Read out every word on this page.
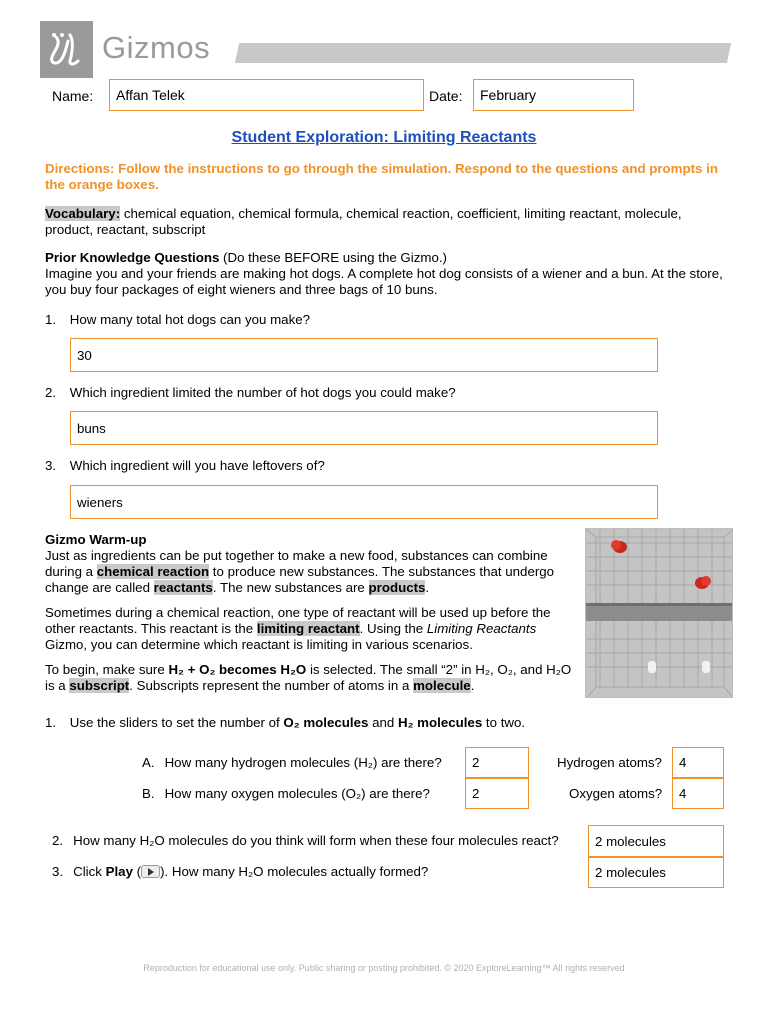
Gizmos
Name:	Affan Telek	Date:	February
Student Exploration: Limiting Reactants
Directions: Follow the instructions to go through the simulation. Respond to the questions and prompts in the orange boxes.
Vocabulary: chemical equation, chemical formula, chemical reaction, coefficient, limiting reactant, molecule, product, reactant, subscript
Prior Knowledge Questions (Do these BEFORE using the Gizmo.)
Imagine you and your friends are making hot dogs. A complete hot dog consists of a wiener and a bun. At the store, you buy four packages of eight wieners and three bags of 10 buns.
1. How many total hot dogs can you make?
30
2. Which ingredient limited the number of hot dogs you could make?
buns
3. Which ingredient will you have leftovers of?
wieners
Gizmo Warm-up
Just as ingredients can be put together to make a new food, substances can combine during a chemical reaction to produce new substances. The substances that undergo change are called reactants. The new substances are products.
Sometimes during a chemical reaction, one type of reactant will be used up before the other reactants. This reactant is the limiting reactant. Using the Limiting Reactants Gizmo, you can determine which reactant is limiting in various scenarios.
To begin, make sure H₂ + O₂ becomes H₂O is selected. The small “2” in H₂, O₂, and H₂O is a subscript. Subscripts represent the number of atoms in a molecule.
1. Use the sliders to set the number of O₂ molecules and H₂ molecules to two.
A. How many hydrogen molecules (H₂) are there?	2	Hydrogen atoms?	4
B. How many oxygen molecules (O₂) are there?	2	Oxygen atoms?	4
2. How many H₂O molecules do you think will form when these four molecules react?	2 molecules
3. Click Play ( ). How many H₂O molecules actually formed?	2 molecules
Reproduction for educational use only. Public sharing or posting prohibited. © 2020 ExploreLearning™ All rights reserved
